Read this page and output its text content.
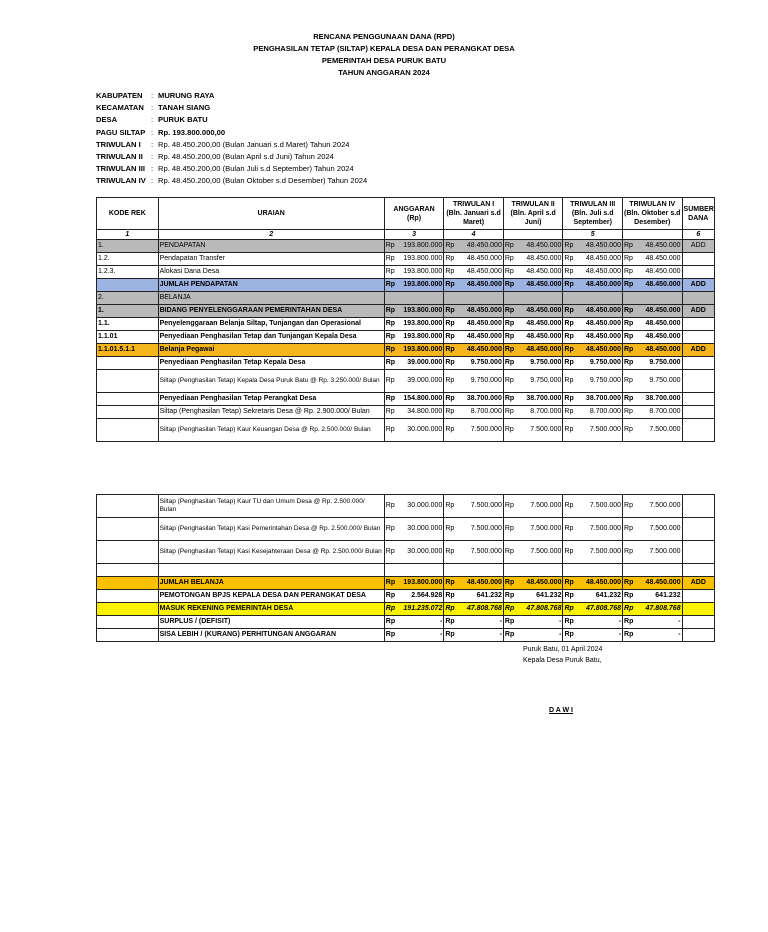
RENCANA PENGGUNAAN DANA (RPD)
PENGHASILAN TETAP (SILTAP) KEPALA DESA DAN PERANGKAT DESA
PEMERINTAH DESA PURUK BATU
TAHUN ANGGARAN 2024
KABUPATEN	: MURUNG RAYA
KECAMATAN : TANAH SIANG
DESA	: PURUK BATU
PAGU SILTAP : Rp. 193.800.000,00
TRIWULAN I	: Rp. 48.450.200,00 (Bulan Januari s.d Maret) Tahun 2024
TRIWULAN II	: Rp. 48.450.200,00 (Bulan April s.d Juni) Tahun 2024
TRIWULAN III : Rp. 48.450.200,00 (Bulan Juli s.d September) Tahun 2024
TRIWULAN IV : Rp. 48.450.200,00 (Bulan Oktober s.d Desember) Tahun 2024
KODE REK	URAIAN	ANGGARAN (Rp)		TRIWULAN I (Bln. Januari s.d Maret)		TRIWULAN II (Bln. April s.d Juni)		TRIWULAN III (Bln. Juli s.d September)		TRIWULAN IV (Bln. Oktober s.d Desember)		SUMBER DANA
1	2	3		4				5				6
1.	PENDAPATAN	Rp	193.800.000	Rp	48.450.000	Rp	48.450.000	Rp	48.450.000	Rp	48.450.000	ADD
1.2.	Pendapatan Transfer	Rp	193.800.000	Rp	48.450.000	Rp	48.450.000	Rp	48.450.000	Rp	48.450.000	
1.2.3.	Alokasi Dana Desa	Rp	193.800.000	Rp	48.450.000	Rp	48.450.000	Rp	48.450.000	Rp	48.450.000	
	JUMLAH PENDAPATAN	Rp	193.800.000	Rp	48.450.000	Rp	48.450.000	Rp	48.450.000	Rp	48.450.000	ADD
2.	BELANJA											
1.	BIDANG PENYELENGGARAAN PEMERINTAHAN DESA	Rp	193.800.000	Rp	48.450.000	Rp	48.450.000	Rp	48.450.000	Rp	48.450.000	ADD
1.1.	Penyelenggaraan Belanja Siltap, Tunjangan dan Operasional	Rp	193.800.000	Rp	48.450.000	Rp	48.450.000	Rp	48.450.000	Rp	48.450.000	
1.1.01	Penyediaan Penghasilan Tetap dan Tunjangan Kepala Desa	Rp	193.800.000	Rp	48.450.000	Rp	48.450.000	Rp	48.450.000	Rp	48.450.000	
1.1.01.5.1.1	Belanja Pegawai	Rp	193.800.000	Rp	48.450.000	Rp	48.450.000	Rp	48.450.000	Rp	48.450.000	ADD
	Penyediaan Penghasilan Tetap Kepala Desa	Rp	39.000.000	Rp	9.750.000	Rp	9.750.000	Rp	9.750.000	Rp	9.750.000	
	Siltap (Penghasilan Tetap) Kepala Desa Puruk Batu @ Rp. 3.250.000/ Bulan	Rp	39.000.000	Rp	9.750.000	Rp	9.750.000	Rp	9.750.000	Rp	9.750.000	
	Penyediaan Penghasilan Tetap Perangkat Desa	Rp	154.800.000	Rp	38.700.000	Rp	38.700.000	Rp	38.700.000	Rp	38.700.000	
	Siltap (Penghasilan Tetap) Sekretaris Desa @ Rp. 2.900.000/ Bulan	Rp	34.800.000	Rp	8.700.000	Rp	8.700.000	Rp	8.700.000	Rp	8.700.000	
	Siltap (Penghasilan Tetap) Kaur Keuangan Desa @ Rp. 2.500.000/ Bulan	Rp	30.000.000	Rp	7.500.000	Rp	7.500.000	Rp	7.500.000	Rp	7.500.000	
	Siltap (Penghasilan Tetap) Kaur TU dan Umum Desa @ Rp. 2.500.000/ Bulan	Rp	30.000.000	Rp	7.500.000	Rp	7.500.000	Rp	7.500.000	Rp	7.500.000	
	Siltap (Penghasilan Tetap) Kasi Pemerintahan Desa @ Rp. 2.500.000/ Bulan	Rp	30.000.000	Rp	7.500.000	Rp	7.500.000	Rp	7.500.000	Rp	7.500.000	
	Siltap (Penghasilan Tetap) Kasi Kesejahteraan Desa @ Rp. 2.500.000/ Bulan	Rp	30.000.000	Rp	7.500.000	Rp	7.500.000	Rp	7.500.000	Rp	7.500.000	

	JUMLAH BELANJA	Rp	193.800.000	Rp	48.450.000	Rp	48.450.000	Rp	48.450.000	Rp	48.450.000	ADD
	PEMOTONGAN BPJS KEPALA DESA DAN PERANGKAT DESA	Rp	2.564.928	Rp	641.232	Rp	641.232	Rp	641.232	Rp	641.232	
	MASUK REKENING PEMERINTAH DESA	Rp	191.235.072	Rp	47.808.768	Rp	47.808.768	Rp	47.808.768	Rp	47.808.768	
	SURPLUS / (DEFISIT)	Rp	-	Rp	-	Rp	-	Rp	-	Rp	-	
	SISA LEBIH / (KURANG) PERHITUNGAN ANGGARAN	Rp	-	Rp	-	Rp	-	Rp	-	Rp	-	
Puruk Batu, 01 April 2024
Kepala Desa Puruk Batu,
D A W I
